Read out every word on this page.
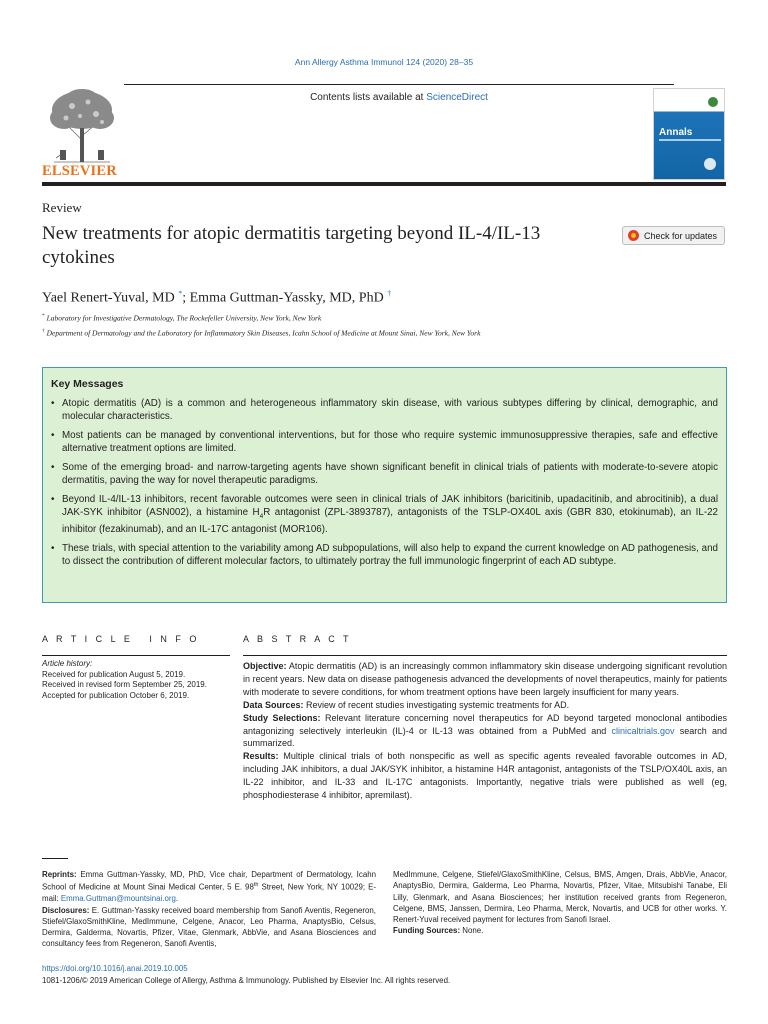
Ann Allergy Asthma Immunol 124 (2020) 28–35
ELSEVIER
Contents lists available at ScienceDirect
Annals
Review
New treatments for atopic dermatitis targeting beyond IL-4/IL-13 cytokines
Check for updates
Yael Renert-Yuval, MD *; Emma Guttman-Yassky, MD, PhD †
* Laboratory for Investigative Dermatology, The Rockefeller University, New York, New York
† Department of Dermatology and the Laboratory for Inflammatory Skin Diseases, Icahn School of Medicine at Mount Sinai, New York, New York
Key Messages
• Atopic dermatitis (AD) is a common and heterogeneous inflammatory skin disease, with various subtypes differing by clinical, demographic, and molecular characteristics.
• Most patients can be managed by conventional interventions, but for those who require systemic immunosuppressive therapies, safe and effective alternative treatment options are limited.
• Some of the emerging broad- and narrow-targeting agents have shown significant benefit in clinical trials of patients with moderate-to-severe atopic dermatitis, paving the way for novel therapeutic paradigms.
• Beyond IL-4/IL-13 inhibitors, recent favorable outcomes were seen in clinical trials of JAK inhibitors (baricitinib, upadacitinib, and abrocitinib), a dual JAK-SYK inhibitor (ASN002), a histamine $H_4R$ antagonist (ZPL-3893787), antagonists of the TSLP-OX40L axis (GBR 830, etokinumab), an IL-22 inhibitor (fezakinumab), and an IL-17C antagonist (MOR106).
• These trials, with special attention to the variability among AD subpopulations, will also help to expand the current knowledge on AD pathogenesis, and to dissect the contribution of different molecular factors, to ultimately portray the full immunologic fingerprint of each AD subtype.
A R T I C L E   I N F O	A B S T R A C T
Article history:
Received for publication August 5, 2019.
Received in revised form September 25, 2019.
Accepted for publication October 6, 2019.
Objective: Atopic dermatitis (AD) is an increasingly common inflammatory skin disease undergoing significant revolution in recent years. New data on disease pathogenesis advanced the developments of novel therapeutics, mainly for patients with moderate to severe conditions, for whom treatment options have been largely insufficient for many years.
Data Sources: Review of recent studies investigating systemic treatments for AD.
Study Selections: Relevant literature concerning novel therapeutics for AD beyond targeted monoclonal antibodies antagonizing selectively interleukin (IL)-4 or IL-13 was obtained from a PubMed and clinicaltrials.gov search and summarized.
Results: Multiple clinical trials of both nonspecific as well as specific agents revealed favorable outcomes in AD, including JAK inhibitors, a dual JAK/SYK inhibitor, a histamine H4R antagonist, antagonists of the TSLP/OX40L axis, an IL-22 inhibitor, and IL-33 and IL-17C antagonists. Importantly, negative trials were published as well (eg, phosphodiesterase 4 inhibitor, apremilast).
Reprints: Emma Guttman-Yassky, MD, PhD, Vice chair, Department of Dermatology, Icahn School of Medicine at Mount Sinai Medical Center, 5 E. 98th Street, New York, NY 10029; E-mail: Emma.Guttman@mountsinai.org.
Disclosures: E. Guttman-Yassky received board membership from Sanofi Aventis, Regeneron, Stiefel/GlaxoSmithKline, MedImmune, Celgene, Anacor, Leo Pharma, AnaptysBio, Celsus, Dermira, Galderma, Novartis, Pfizer, Vitae, Glenmark, AbbVie, and Asana Biosciences and consultancy fees from Regeneron, Sanofi Aventis,
MedImmune, Celgene, Stiefel/GlaxoSmithKline, Celsus, BMS, Amgen, Drais, AbbVie, Anacor, AnaptysBio, Dermira, Galderma, Leo Pharma, Novartis, Pfizer, Vitae, Mitsubishi Tanabe, Eli Lilly, Glenmark, and Asana Biosciences; her institution received grants from Regeneron, Celgene, BMS, Janssen, Dermira, Leo Pharma, Merck, Novartis, and UCB for other works. Y. Renert-Yuval received payment for lectures from Sanofi Israel.
Funding Sources: None.
https://doi.org/10.1016/j.anai.2019.10.005
1081-1206/© 2019 American College of Allergy, Asthma & Immunology. Published by Elsevier Inc. All rights reserved.
